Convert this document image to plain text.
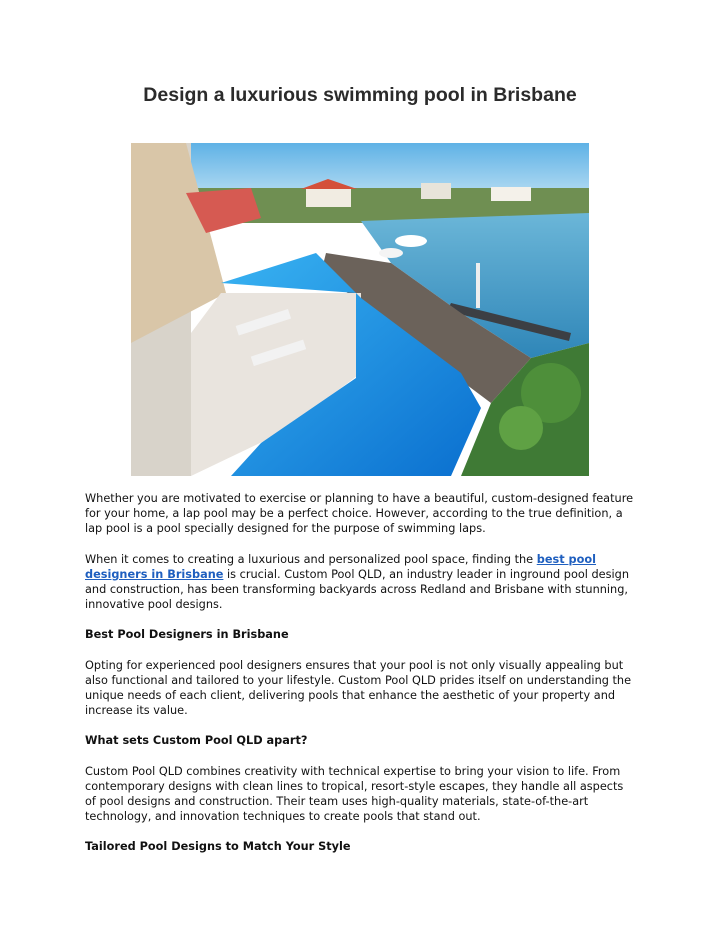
Design a luxurious swimming pool in Brisbane

Whether you are motivated to exercise or planning to have a beautiful, custom-designed feature for your home, a lap pool may be a perfect choice. However, according to the true definition, a lap pool is a pool specially designed for the purpose of swimming laps.

When it comes to creating a luxurious and personalized pool space, finding the best pool designers in Brisbane is crucial. Custom Pool QLD, an industry leader in inground pool design and construction, has been transforming backyards across Redland and Brisbane with stunning, innovative pool designs.

Best Pool Designers in Brisbane

Opting for experienced pool designers ensures that your pool is not only visually appealing but also functional and tailored to your lifestyle. Custom Pool QLD prides itself on understanding the unique needs of each client, delivering pools that enhance the aesthetic of your property and increase its value.

What sets Custom Pool QLD apart?

Custom Pool QLD combines creativity with technical expertise to bring your vision to life. From contemporary designs with clean lines to tropical, resort-style escapes, they handle all aspects of pool designs and construction. Their team uses high-quality materials, state-of-the-art technology, and innovation techniques to create pools that stand out.

Tailored Pool Designs to Match Your Style
